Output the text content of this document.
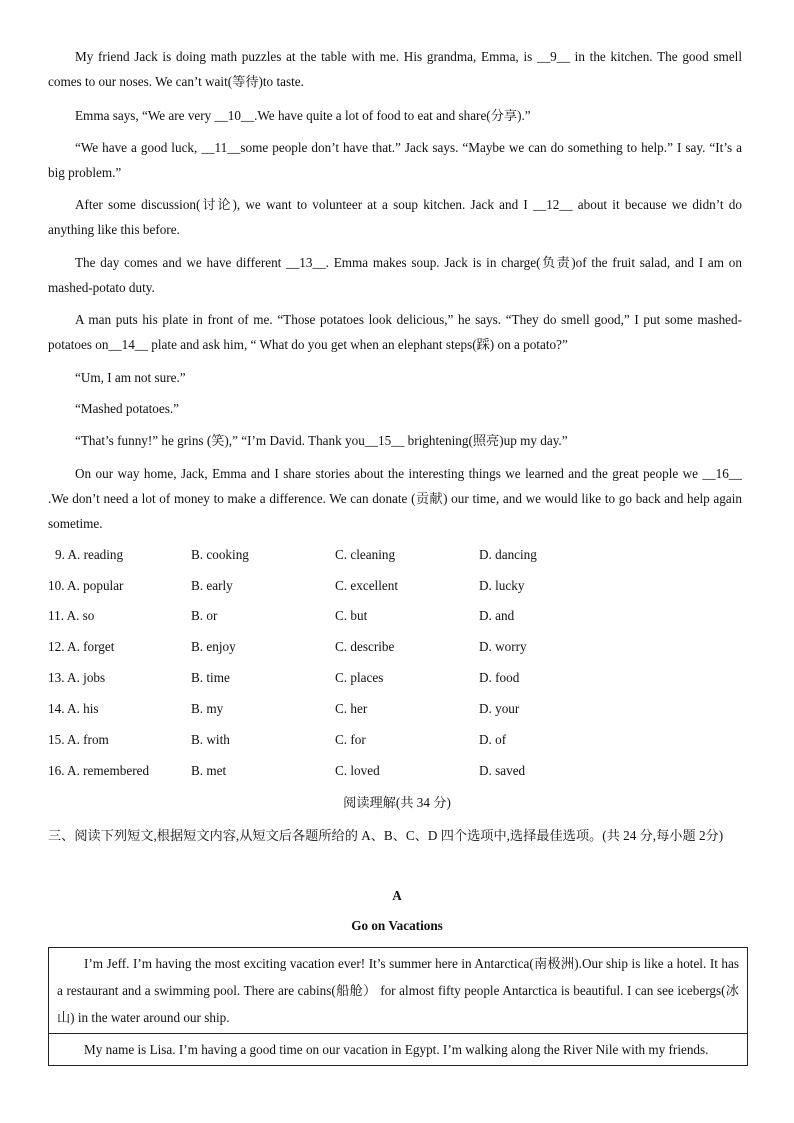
My friend Jack is doing math puzzles at the table with me. His grandma, Emma, is __9__ in the kitchen. The good smell comes to our noses. We can’t wait(等待)to taste.

Emma says, “We are very __10__.We have quite a lot of food to eat and share(分享).”

“We have a good luck, __11__some people don’t have that.” Jack says. “Maybe we can do something to help.” I say. “It’s a big problem.”

After some discussion(讨论), we want to volunteer at a soup kitchen. Jack and I __12__ about it because we didn’t do anything like this before.

The day comes and we have different __13__. Emma makes soup. Jack is in charge(负责)of the fruit salad, and I am on mashed-potato duty.

A man puts his plate in front of me. “Those potatoes look delicious,” he says. “They do smell good,” I put some mashed-potatoes on__14__ plate and ask him, “ What do you get when an elephant steps(踩) on a potato?”

“Um, I am not sure.”

“Mashed potatoes.”

“That’s funny!” he grins (笑),” “I’m David. Thank you__15__ brightening(照亮)up my day.”

On our way home, Jack, Emma and I share stories about the interesting things we learned and the great people we __16__ .We don’t need a lot of money to make a difference. We can donate (贡献) our time, and we would like to go back and help again sometime.

9. A. reading	B. cooking	C. cleaning	D. dancing
10. A. popular	B. early	C. excellent	D. lucky
11. A. so	B. or	C. but	D. and
12. A. forget	B. enjoy	C. describe	D. worry
13. A. jobs	B. time	C. places	D. food
14. A. his	B. my	C. her	D. your
15. A. from	B. with	C. for	D. of
16. A. remembered	B. met	C. loved	D. saved
阅读理解(共 34 分)
三、阅读下列短文,根据短文内容,从短文后各题所给的 A、B、C、D 四个选项中,选择最佳选项。(共 24 分,每小题 2分)
A
Go on Vacations
I’m Jeff. I’m having the most exciting vacation ever! It’s summer here in Antarctica(南极洲).Our ship is like a hotel. It has a restaurant and a swimming pool. There are cabins(船舱） for almost fifty people Antarctica is beautiful. I can see icebergs(冰山) in the water around our ship.
My name is Lisa. I’m having a good time on our vacation in Egypt. I’m walking along the River Nile with my friends.
